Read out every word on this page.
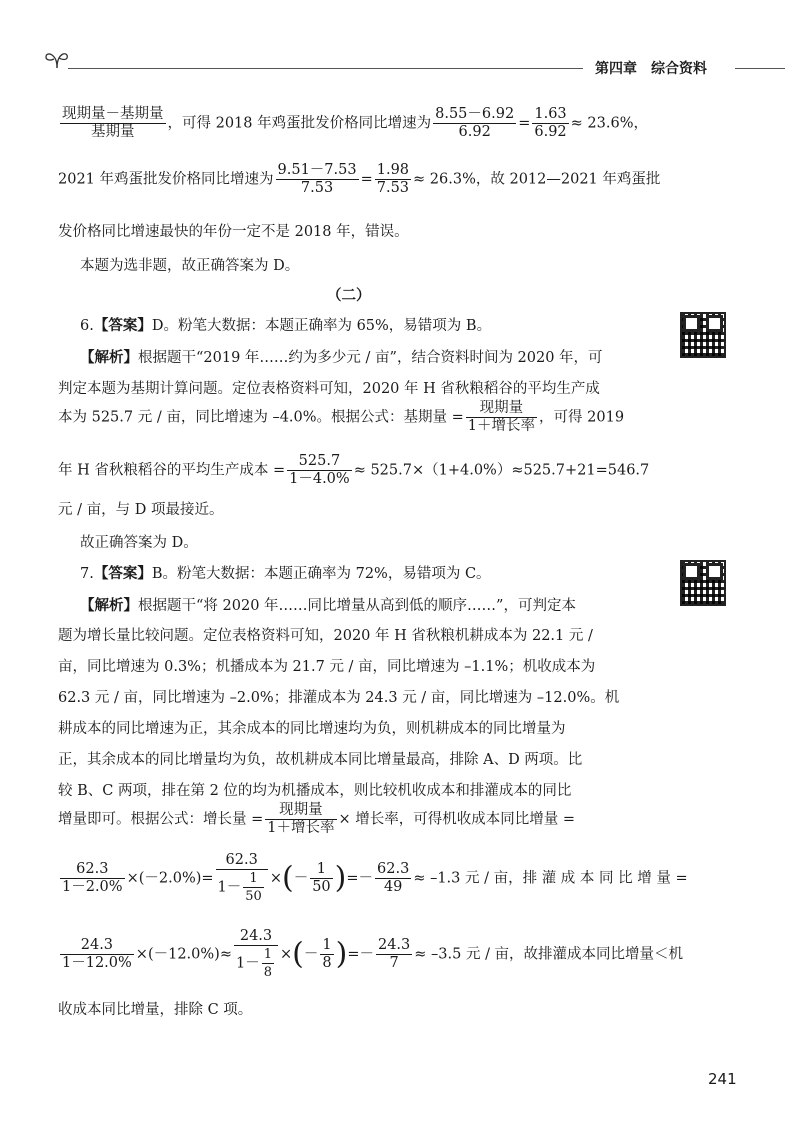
第四章　综合资料
$\frac{\text{现期量－基期量}}{\text{基期量}}$ ，可得 2018 年鸡蛋批发价格同比增速为 $\frac{8.55-6.92}{6.92} = \frac{1.63}{6.92} \approx 23.6\%$，
2021 年鸡蛋批发价格同比增速为 $\frac{9.51-7.53}{7.53} = \frac{1.98}{7.53} \approx 26.3\%$，故 2012—2021 年鸡蛋批
发价格同比增速最快的年份一定不是 2018 年，错误。
本题为选非题，故正确答案为 D。
（二）
6.【答案】D。粉笔大数据：本题正确率为 65%，易错项为 B。
【解析】根据题干“2019 年……约为多少元 / 亩”，结合资料时间为 2020 年，可
判定本题为基期计算问题。定位表格资料可知，2020 年 H 省秋粮稻谷的平均生产成
本为 525.7 元 / 亩，同比增速为 –4.0%。根据公式：基期量 = $\frac{\text{现期量}}{\text{1＋增长率}}$ ，可得 2019
年 H 省秋粮稻谷的平均生产成本 = $\frac{525.7}{1-4.0\%} \approx 525.7\times(1+4.0\%)\approx 525.7+21=546.7$
元 / 亩，与 D 项最接近。
故正确答案为 D。
7.【答案】B。粉笔大数据：本题正确率为 72%，易错项为 C。
【解析】根据题干“将 2020 年……同比增量从高到低的顺序……”，可判定本
题为增长量比较问题。定位表格资料可知，2020 年 H 省秋粮机耕成本为 22.1 元 /
亩，同比增速为 0.3%；机播成本为 21.7 元 / 亩，同比增速为 –1.1%；机收成本为
62.3 元 / 亩，同比增速为 –2.0%；排灌成本为 24.3 元 / 亩，同比增速为 –12.0%。机
耕成本的同比增速为正，其余成本的同比增速均为负，则机耕成本的同比增量为
正，其余成本的同比增量均为负，故机耕成本同比增量最高，排除 A、D 两项。比
较 B、C 两项，排在第 2 位的均为机播成本，则比较机收成本和排灌成本的同比
增量即可。根据公式：增长量 = $\frac{\text{现期量}}{\text{1＋增长率}}$ × 增长率，可得机收成本同比增量 =
$\frac{62.3}{1-2.0\%} \times(-2.0\%)= \frac{62.3}{1- \frac{1}{50}}$ ×(－ $\frac{1}{50}$ )=－ $\frac{62.3}{49} \approx -1.3$ 元 / 亩，排 灌 成 本 同 比 增 量 =
$\frac{24.3}{1-12.0\%} \times(-12.0\%)\approx \frac{24.3}{1- \frac{1}{8}}$ ×(－ $\frac{1}{8}$ )=－ $\frac{24.3}{7} \approx -3.5$ 元 / 亩，故排灌成本同比增量＜机
收成本同比增量，排除 C 项。
241
